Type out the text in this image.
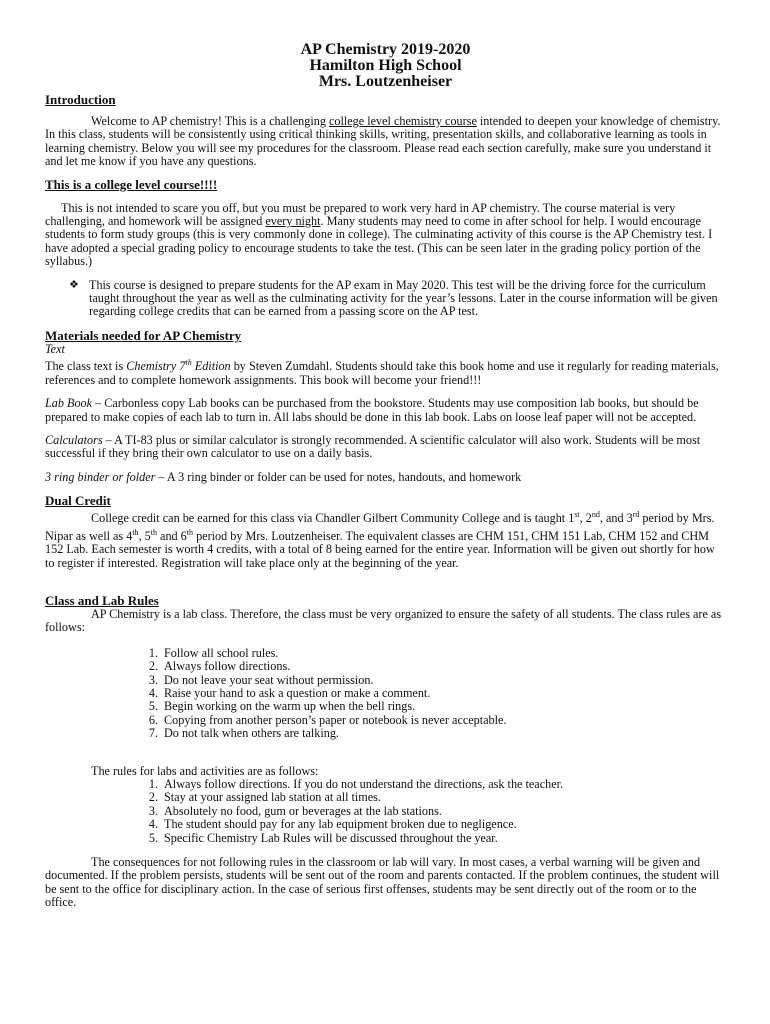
AP Chemistry 2019-2020
Hamilton High School
Mrs. Loutzenheiser
Introduction

Welcome to AP chemistry! This is a challenging college level chemistry course intended to deepen your knowledge of chemistry. In this class, students will be consistently using critical thinking skills, writing, presentation skills, and collaborative learning as tools in learning chemistry. Below you will see my procedures for the classroom. Please read each section carefully, make sure you understand it and let me know if you have any questions.

This is a college level course!!!!

This is not intended to scare you off, but you must be prepared to work very hard in AP chemistry. The course material is very challenging, and homework will be assigned every night. Many students may need to come in after school for help. I would encourage students to form study groups (this is very commonly done in college). The culminating activity of this course is the AP Chemistry test. I have adopted a special grading policy to encourage students to take the test. (This can be seen later in the grading policy portion of the syllabus.)

❖ This course is designed to prepare students for the AP exam in May 2020. This test will be the driving force for the curriculum taught throughout the year as well as the culminating activity for the year’s lessons. Later in the course information will be given regarding college credits that can be earned from a passing score on the AP test.

Materials needed for AP Chemistry

Text

The class text is Chemistry 7th Edition by Steven Zumdahl. Students should take this book home and use it regularly for reading materials, references and to complete homework assignments. This book will become your friend!!!

Lab Book – Carbonless copy Lab books can be purchased from the bookstore. Students may use composition lab books, but should be prepared to make copies of each lab to turn in. All labs should be done in this lab book. Labs on loose leaf paper will not be accepted.

Calculators – A TI-83 plus or similar calculator is strongly recommended. A scientific calculator will also work. Students will be most successful if they bring their own calculator to use on a daily basis.

3 ring binder or folder – A 3 ring binder or folder can be used for notes, handouts, and homework

Dual Credit

College credit can be earned for this class via Chandler Gilbert Community College and is taught 1st, 2nd, and 3rd period by Mrs. Nipar as well as 4th, 5th and 6th period by Mrs. Loutzenheiser. The equivalent classes are CHM 151, CHM 151 Lab, CHM 152 and CHM 152 Lab. Each semester is worth 4 credits, with a total of 8 being earned for the entire year. Information will be given out shortly for how to register if interested. Registration will take place only at the beginning of the year.

Class and Lab Rules

AP Chemistry is a lab class. Therefore, the class must be very organized to ensure the safety of all students. The class rules are as follows:

1. Follow all school rules.
2. Always follow directions.
3. Do not leave your seat without permission.
4. Raise your hand to ask a question or make a comment.
5. Begin working on the warm up when the bell rings.
6. Copying from another person’s paper or notebook is never acceptable.
7. Do not talk when others are talking.

The rules for labs and activities are as follows:

1. Always follow directions. If you do not understand the directions, ask the teacher.
2. Stay at your assigned lab station at all times.
3. Absolutely no food, gum or beverages at the lab stations.
4. The student should pay for any lab equipment broken due to negligence.
5. Specific Chemistry Lab Rules will be discussed throughout the year.

The consequences for not following rules in the classroom or lab will vary. In most cases, a verbal warning will be given and documented. If the problem persists, students will be sent out of the room and parents contacted. If the problem continues, the student will be sent to the office for disciplinary action. In the case of serious first offenses, students may be sent directly out of the room or to the office.
